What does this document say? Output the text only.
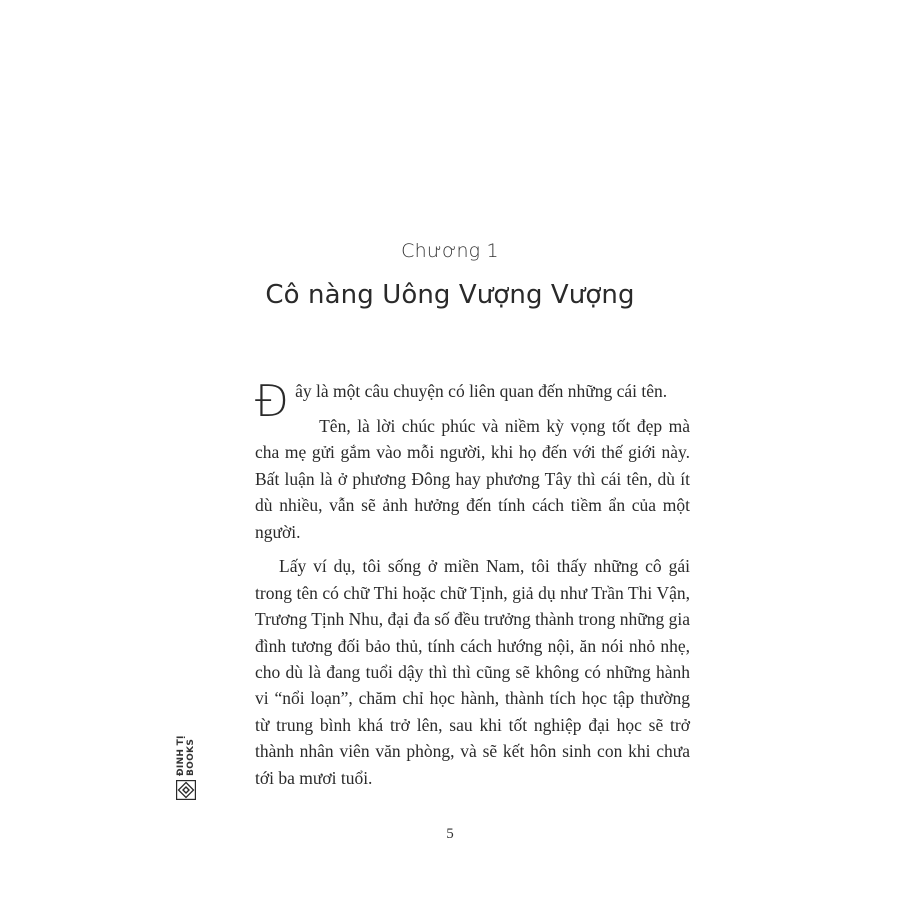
Chương 1
Cô nàng Uông Vượng Vượng

Đây là một câu chuyện có liên quan đến những cái tên.

Tên, là lời chúc phúc và niềm kỳ vọng tốt đẹp mà cha mẹ gửi gắm vào mỗi người, khi họ đến với thế giới này. Bất luận là ở phương Đông hay phương Tây thì cái tên, dù ít dù nhiều, vẫn sẽ ảnh hưởng đến tính cách tiềm ẩn của một người.

Lấy ví dụ, tôi sống ở miền Nam, tôi thấy những cô gái trong tên có chữ Thi hoặc chữ Tịnh, giả dụ như Trần Thi Vận, Trương Tịnh Nhu, đại đa số đều trưởng thành trong những gia đình tương đối bảo thủ, tính cách hướng nội, ăn nói nhỏ nhẹ, cho dù là đang tuổi dậy thì thì cũng sẽ không có những hành vi “nổi loạn”, chăm chỉ học hành, thành tích học tập thường từ trung bình khá trở lên, sau khi tốt nghiệp đại học sẽ trở thành nhân viên văn phòng, và sẽ kết hôn sinh con khi chưa tới ba mươi tuổi.

5
ĐINH TỊ BOOKS
